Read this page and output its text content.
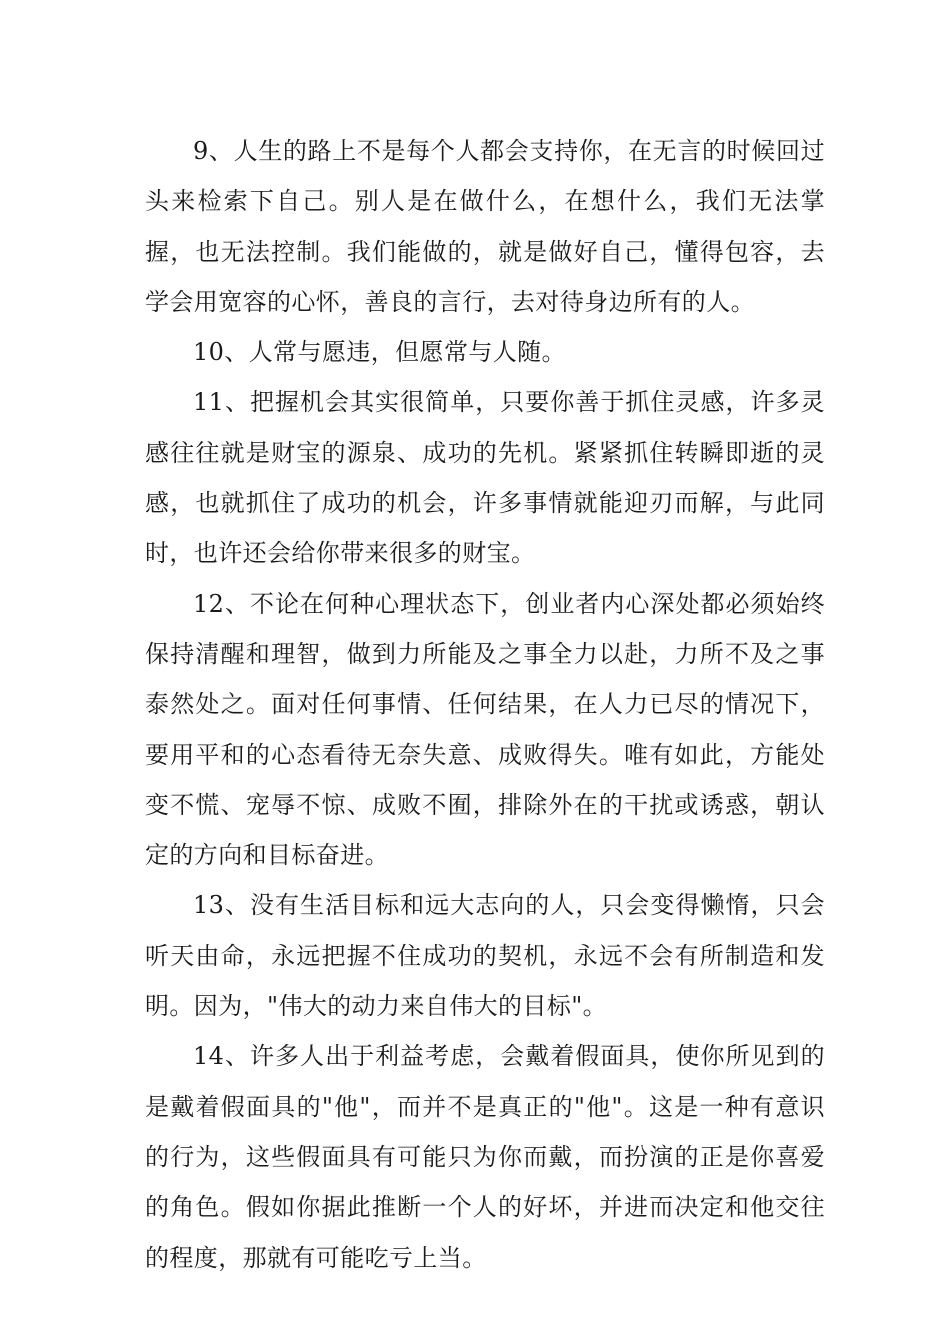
9、人生的路上不是每个人都会支持你，在无言的时候回过头来检索下自己。别人是在做什么，在想什么，我们无法掌握，也无法控制。我们能做的，就是做好自己，懂得包容，去学会用宽容的心怀，善良的言行，去对待身边所有的人。

10、人常与愿违，但愿常与人随。

11、把握机会其实很简单，只要你善于抓住灵感，许多灵感往往就是财宝的源泉、成功的先机。紧紧抓住转瞬即逝的灵感，也就抓住了成功的机会，许多事情就能迎刃而解，与此同时，也许还会给你带来很多的财宝。

12、不论在何种心理状态下，创业者内心深处都必须始终保持清醒和理智，做到力所能及之事全力以赴，力所不及之事泰然处之。面对任何事情、任何结果，在人力已尽的情况下，要用平和的心态看待无奈失意、成败得失。唯有如此，方能处变不慌、宠辱不惊、成败不囿，排除外在的干扰或诱惑，朝认定的方向和目标奋进。

13、没有生活目标和远大志向的人，只会变得懒惰，只会听天由命，永远把握不住成功的契机，永远不会有所制造和发明。因为，"伟大的动力来自伟大的目标"。

14、许多人出于利益考虑，会戴着假面具，使你所见到的是戴着假面具的"他"，而并不是真正的"他"。这是一种有意识的行为，这些假面具有可能只为你而戴，而扮演的正是你喜爱的角色。假如你据此推断一个人的好坏，并进而决定和他交往的程度，那就有可能吃亏上当。
